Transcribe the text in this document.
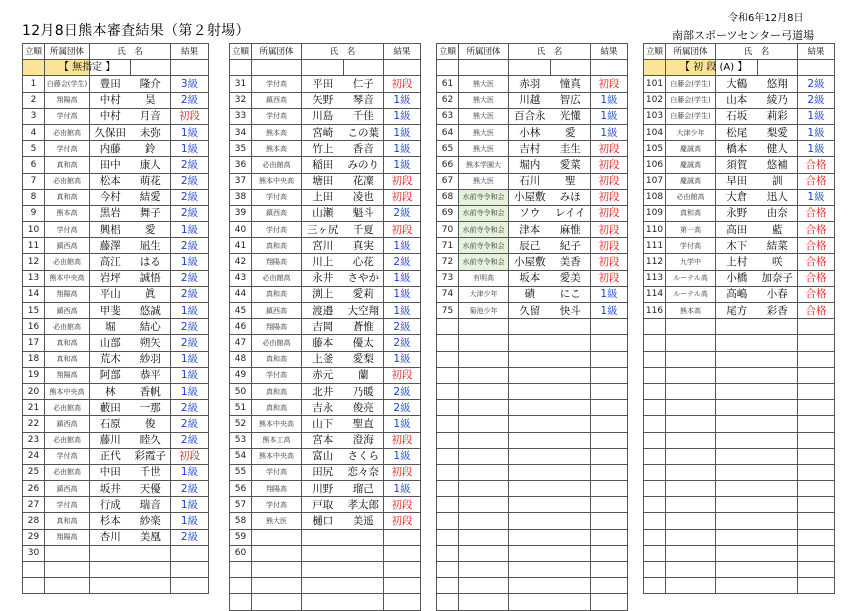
12月8日熊本審査結果（第２射場）
令和6年12月8日
南部スポーツセンター弓道場
立順	所属団体	氏　名		結果
	【 無指定 】			
1	白藤会(学生)	豊田	隆介	3級
2	翔陽高	中村	昊	2級
3	学付高	中村	月音	初段
4	必由館高	久保田	未弥	1級
5	学付高	内藤	鈴	1級
6	真和高	田中	康人	2級
7	必由館高	松本	萌花	2級
8	真和高	今村	結愛	2級
9	熊本高	黒岩	舞子	2級
10	学付高	興梠	愛	1級
11	鎮西高	藤澤	凪生	2級
12	必由館高	高江	はる	1級
13	熊本中央高	岩坪	誠悟	2級
14	翔陽高	平山	眞	2級
15	鎮西高	甲斐	悠誠	1級
16	必由館高	堀	結心	2級
17	真和高	山部	朔矢	2級
18	真和高	荒木	紗羽	1級
19	翔陽高	阿部	恭平	1級
20	熊本中央高	林	香帆	1級
21	必由館高	藪田	一那	2級
22	鎮西高	石原	俊	2級
23	必由館高	藤川	睦久	2級
24	学付高	正代	彩霞子	初段
25	必由館高	中田	千世	1級
26	鎮西高	坂井	天優	2級
27	学付高	行成	瑞音	1級
28	真和高	杉本	紗楽	1級
29	翔陽高	杏川	美凰	2級
30				

立順	所属団体	氏　名		結果

31	学付高	平田	仁子	初段
32	鎮西高	矢野	琴音	1級
33	学付高	川島	千佳	1級
34	熊本高	宮崎	この葉	1級
35	熊本高	竹上	香音	1級
36	必由館高	稲田	みのり	1級
37	熊本中央高	塘田	花凜	初段
38	学付高	上田	凌也	初段
39	鎮西高	山瀬	魁斗	2級
40	学付高	三ヶ尻	千夏	初段
41	真和高	宮川	真実	1級
42	翔陽高	川上	心花	2級
43	必由館高	永井	さやか	1級
44	真和高	渕上	愛莉	1級
45	鎮西高	渡邉	大空翔	1級
46	翔陽高	吉岡	蒼惟	2級
47	必由館高	藤本	優太	2級
48	真和高	上釜	愛梨	1級
49	学付高	赤元	蘭	初段
50	真和高	北井	乃暖	2級
51	真和高	吉永	俊亮	2級
52	熊本中央高	山下	聖直	1級
53	熊本工高	宮本	澄海	初段
54	熊本中央高	富山	さくら	1級
55	学付高	田尻	恋々奈	初段
56	翔陽高	川野	瑠己	1級
57	学付高	戸取	孝太郎	初段
58	熊大医	樋口	美遥	初段
59				
60				

立順	所属団体	氏　名		結果

61	熊大医	赤羽	憧真	初段
62	熊大医	川越	智広	1級
63	熊大医	百合永	光懂	1級
64	熊大医	小林	愛	1級
65	熊大医	吉村	圭生	初段
66	熊本学園大	堀内	愛菜	初段
67	熊大医	石川	聖	初段
68	水前寺令和会	小屋敷	みほ	初段
69	水前寺令和会	ソウ	レイイ	初段
70	水前寺令和会	津本	麻惟	初段
71	水前寺令和会	辰己	紀子	初段
72	水前寺令和会	小屋敷	美香	初段
73	有明高	坂本	愛美	初段
74	大津少年	磧	にこ	1級
75	菊池少年	久留	快斗	1級

立順	所属団体	氏　名		結果
	【 初 段 (A) 】			
101	白藤会(学生)	大鶴	悠翔	2級
102	白藤会(学生)	山本	綾乃	2級
103	白藤会(学生)	石坂	莉彩	1級
104	大津少年	松尾	梨愛	1級
105	慶誠高	橋本	健人	1級
106	慶誠高	須賀	悠補	合格
107	慶誠高	早田	訓	合格
108	必由館高	大倉	迅人	1級
109	真和高	永野	由奈	合格
110	第一高	高田	藍	合格
111	学付高	木下	結菜	合格
112	九学中	上村	咲	合格
113	ルーテル高	小橋	加奈子	合格
114	ルーテル高	高嶋	小春	合格
116	熊本高	尾方	彩香	合格
